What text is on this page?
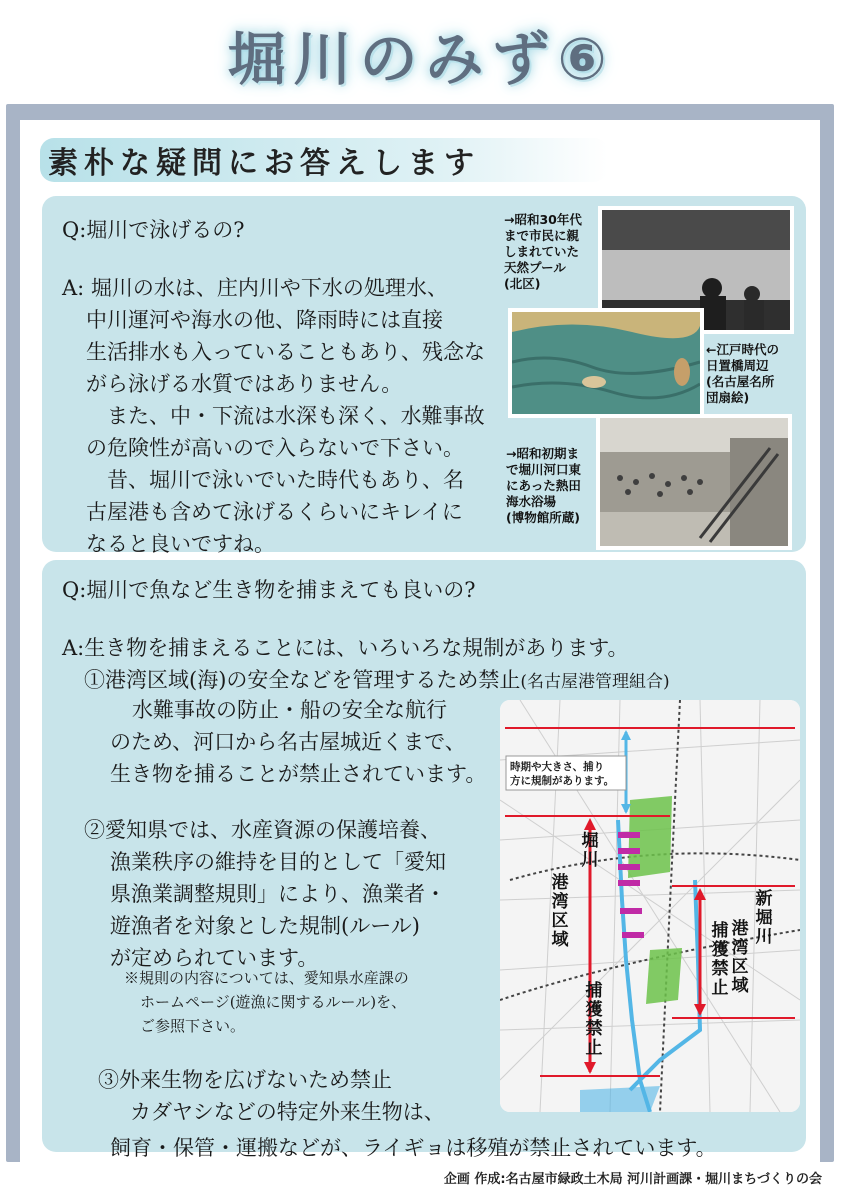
堀川のみず⑥
素朴な疑問にお答えします
Q:堀川で泳げるの?
A: 堀川の水は、庄内川や下水の処理水、
中川運河や海水の他、降雨時には直接
生活排水も入っていることもあり、残念な
がら泳げる水質ではありません。
　また、中・下流は水深も深く、水難事故
の危険性が高いので入らないで下さい。
　昔、堀川で泳いでいた時代もあり、名
古屋港も含めて泳げるくらいにキレイに
なると良いですね。
→昭和30年代
まで市民に親
しまれていた
天然プール
(北区)
←江戸時代の
日置橋周辺
(名古屋名所
団扇絵)
→昭和初期ま
で堀川河口東
にあった熱田
海水浴場
(博物館所蔵)
Q:堀川で魚など生き物を捕まえても良いの?
A:生き物を捕まえることには、いろいろな規制があります。
①港湾区域(海)の安全などを管理するため禁止(名古屋港管理組合)
水難事故の防止・船の安全な航行
のため、河口から名古屋城近くまで、
生き物を捕ることが禁止されています。
②愛知県では、水産資源の保護培養、
漁業秩序の維持を目的として「愛知
県漁業調整規則」により、漁業者・
遊漁者を対象とした規制(ルール)
が定められています。
※規則の内容については、愛知県水産課の
ホームページ(遊漁に関するルール)を、
ご参照下さい。
③外来生物を広げないため禁止
カダヤシなどの特定外来生物は、
飼育・保管・運搬などが、ライギョは移殖が禁止されています。
時期や大きさ、捕り
方に規制があります。
堀
川
港
湾
区
域
捕
獲
禁
止
新
堀
川
港
湾
区
域
捕
獲
禁
止
企画 作成:名古屋市緑政土木局 河川計画課・堀川まちづくりの会
